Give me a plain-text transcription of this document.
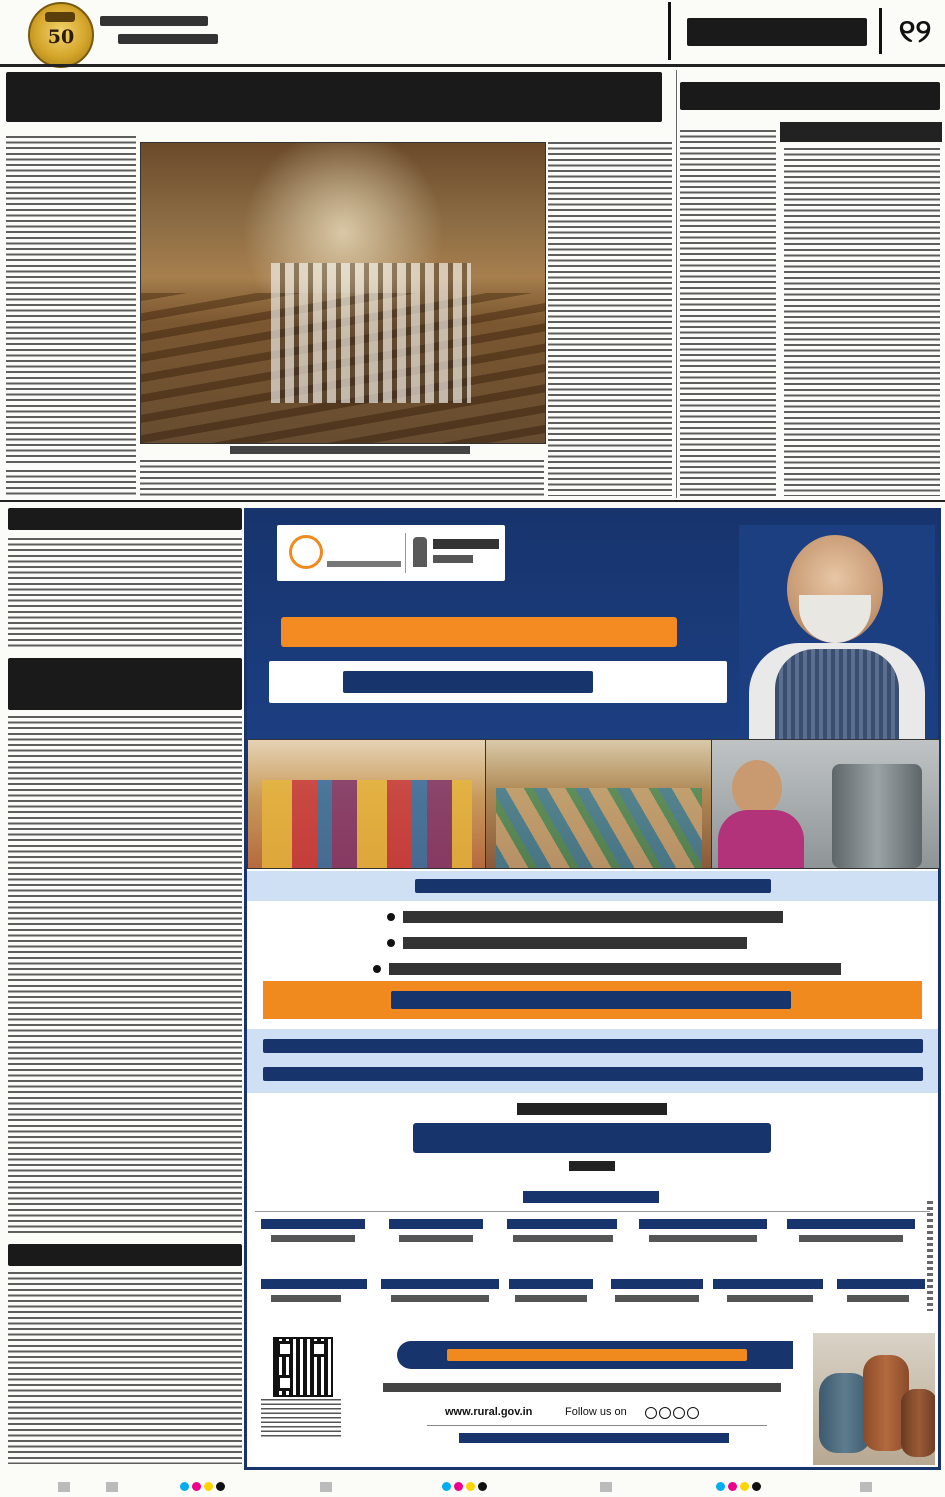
50	୧୨
www.rural.gov.in	Follow us on
